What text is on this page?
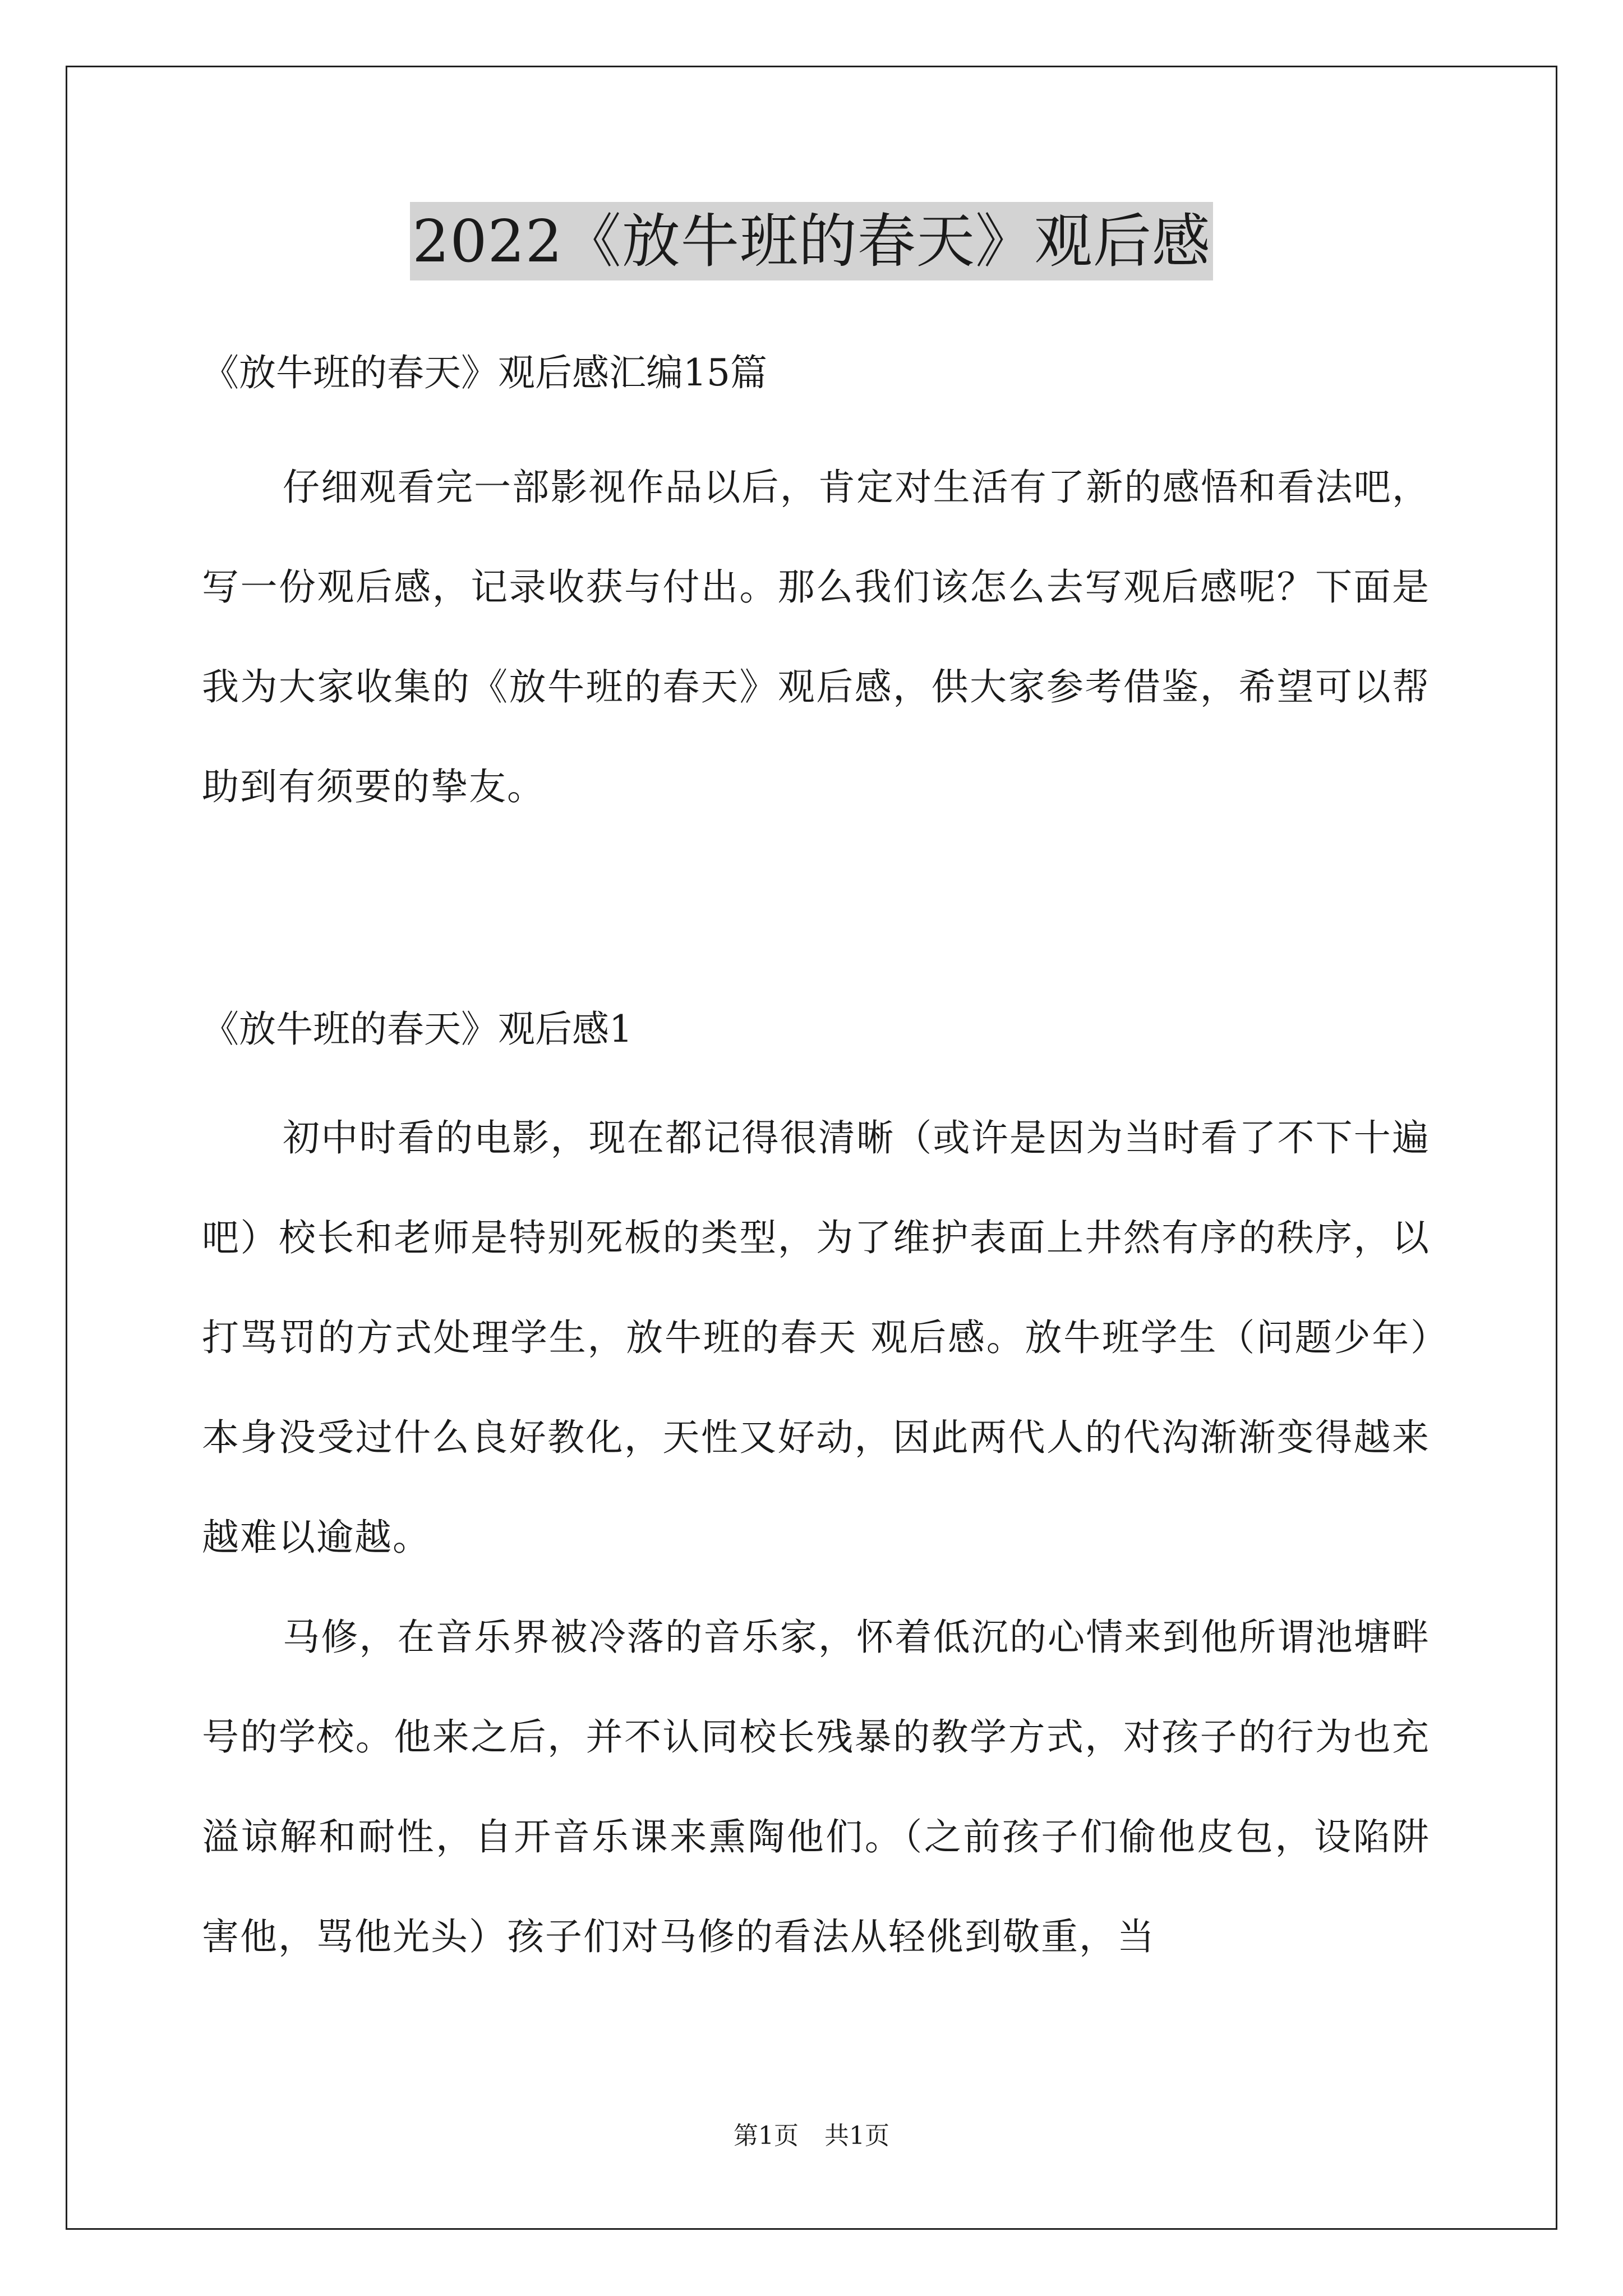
2022《放牛班的春天》观后感
《放牛班的春天》观后感汇编15篇

仔细观看完一部影视作品以后，肯定对生活有了新的感悟和看法吧，写一份观后感，记录收获与付出。那么我们该怎么去写观后感呢？下面是我为大家收集的《放牛班的春天》观后感，供大家参考借鉴，希望可以帮助到有须要的挚友。

《放牛班的春天》观后感1

初中时看的电影，现在都记得很清晰（或许是因为当时看了不下十遍吧）校长和老师是特别死板的类型，为了维护表面上井然有序的秩序，以打骂罚的方式处理学生，放牛班的春天 观后感。放牛班学生（问题少年）本身没受过什么良好教化，天性又好动，因此两代人的代沟渐渐变得越来越难以逾越。

马修，在音乐界被冷落的音乐家，怀着低沉的心情来到他所谓池塘畔号的学校。他来之后，并不认同校长残暴的教学方式，对孩子的行为也充溢谅解和耐性，自开音乐课来熏陶他们。（之前孩子们偷他皮包，设陷阱害他，骂他光头）孩子们对马修的看法从轻佻到敬重，当

第1页 共1页
